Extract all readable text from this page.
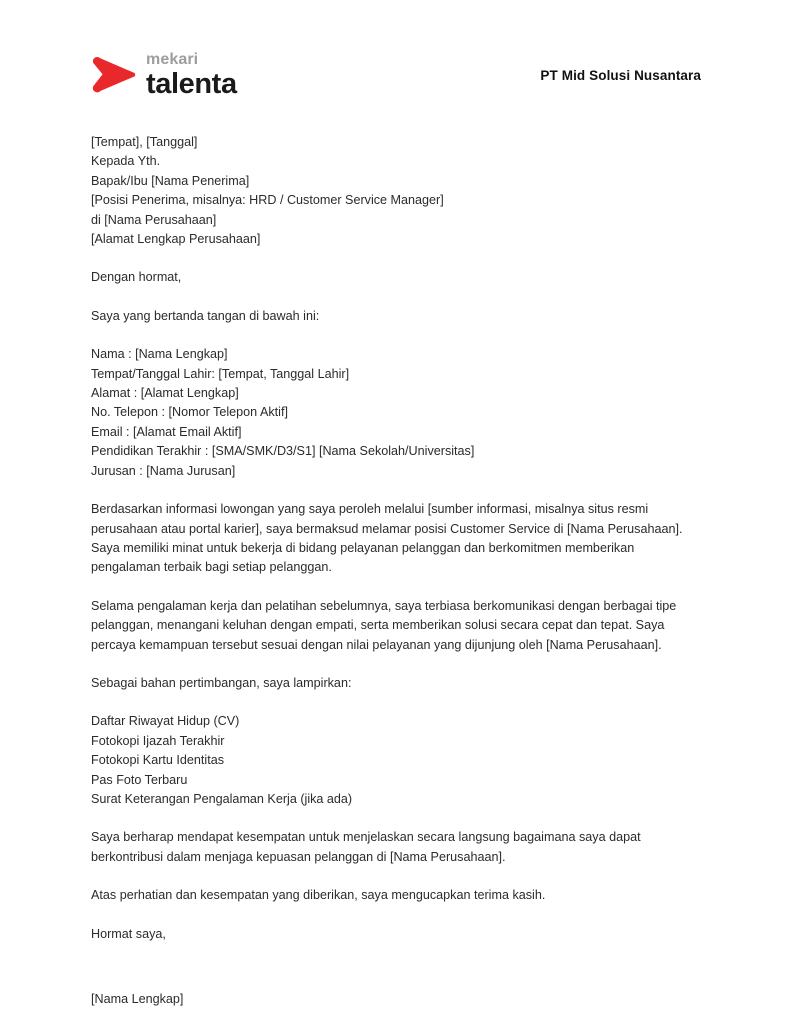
mekari
talenta	PT Mid Solusi Nusantara
[Tempat], [Tanggal]
Kepada Yth.
Bapak/Ibu [Nama Penerima]
[Posisi Penerima, misalnya: HRD / Customer Service Manager]
di [Nama Perusahaan]
[Alamat Lengkap Perusahaan]
Dengan hormat,
Saya yang bertanda tangan di bawah ini:
Nama : [Nama Lengkap]
Tempat/Tanggal Lahir: [Tempat, Tanggal Lahir]
Alamat : [Alamat Lengkap]
No. Telepon : [Nomor Telepon Aktif]
Email : [Alamat Email Aktif]
Pendidikan Terakhir : [SMA/SMK/D3/S1] [Nama Sekolah/Universitas]
Jurusan : [Nama Jurusan]

Berdasarkan informasi lowongan yang saya peroleh melalui [sumber informasi, misalnya situs resmi perusahaan atau portal karier], saya bermaksud melamar posisi Customer Service di [Nama Perusahaan]. Saya memiliki minat untuk bekerja di bidang pelayanan pelanggan dan berkomitmen memberikan pengalaman terbaik bagi setiap pelanggan.

Selama pengalaman kerja dan pelatihan sebelumnya, saya terbiasa berkomunikasi dengan berbagai tipe pelanggan, menangani keluhan dengan empati, serta memberikan solusi secara cepat dan tepat. Saya percaya kemampuan tersebut sesuai dengan nilai pelayanan yang dijunjung oleh [Nama Perusahaan].

Sebagai bahan pertimbangan, saya lampirkan:
Daftar Riwayat Hidup (CV)
Fotokopi Ijazah Terakhir
Fotokopi Kartu Identitas
Pas Foto Terbaru
Surat Keterangan Pengalaman Kerja (jika ada)

Saya berharap mendapat kesempatan untuk menjelaskan secara langsung bagaimana saya dapat berkontribusi dalam menjaga kepuasan pelanggan di [Nama Perusahaan].

Atas perhatian dan kesempatan yang diberikan, saya mengucapkan terima kasih.

Hormat saya,
[Nama Lengkap]
